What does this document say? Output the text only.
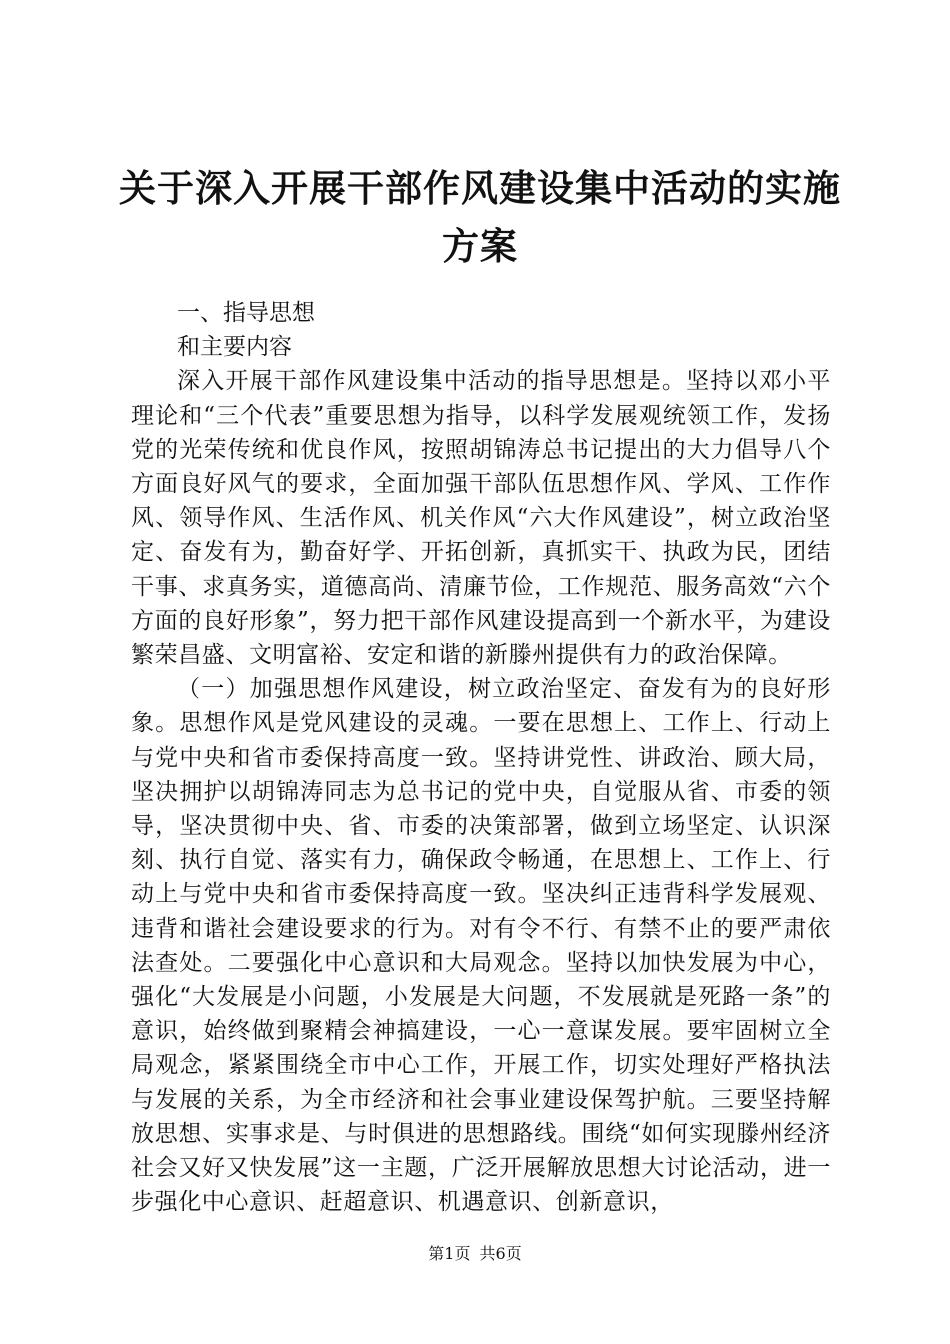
关于深入开展干部作风建设集中活动的实施方案

一、指导思想

和主要内容

深入开展干部作风建设集中活动的指导思想是。坚持以邓小平理论和“三个代表”重要思想为指导，以科学发展观统领工作，发扬党的光荣传统和优良作风，按照胡锦涛总书记提出的大力倡导八个方面良好风气的要求，全面加强干部队伍思想作风、学风、工作作风、领导作风、生活作风、机关作风“六大作风建设”，树立政治坚定、奋发有为，勤奋好学、开拓创新，真抓实干、执政为民，团结干事、求真务实，道德高尚、清廉节俭，工作规范、服务高效“六个方面的良好形象”，努力把干部作风建设提高到一个新水平，为建设繁荣昌盛、文明富裕、安定和谐的新滕州提供有力的政治保障。

（一）加强思想作风建设，树立政治坚定、奋发有为的良好形象。思想作风是党风建设的灵魂。一要在思想上、工作上、行动上与党中央和省市委保持高度一致。坚持讲党性、讲政治、顾大局，坚决拥护以胡锦涛同志为总书记的党中央，自觉服从省、市委的领导，坚决贯彻中央、省、市委的决策部署，做到立场坚定、认识深刻、执行自觉、落实有力，确保政令畅通，在思想上、工作上、行动上与党中央和省市委保持高度一致。坚决纠正违背科学发展观、违背和谐社会建设要求的行为。对有令不行、有禁不止的要严肃依法查处。二要强化中心意识和大局观念。坚持以加快发展为中心，强化“大发展是小问题，小发展是大问题，不发展就是死路一条”的意识，始终做到聚精会神搞建设，一心一意谋发展。要牢固树立全局观念，紧紧围绕全市中心工作，开展工作，切实处理好严格执法与发展的关系，为全市经济和社会事业建设保驾护航。三要坚持解放思想、实事求是、与时俱进的思想路线。围绕“如何实现滕州经济社会又好又快发展”这一主题，广泛开展解放思想大讨论活动，进一步强化中心意识、赶超意识、机遇意识、创新意识，

第1页 共6页
